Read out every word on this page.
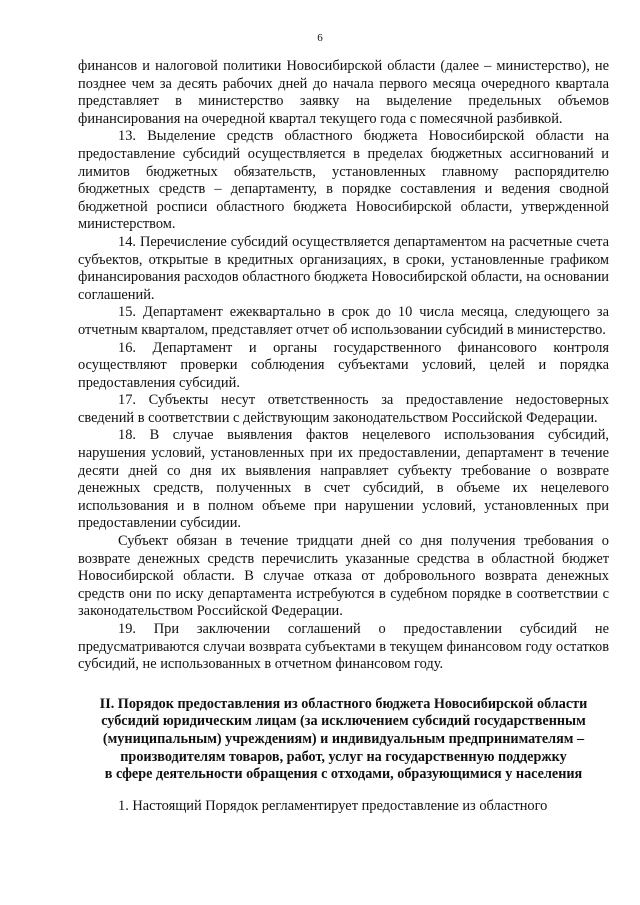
6

финансов и налоговой политики Новосибирской области (далее – министерство), не позднее чем за десять рабочих дней до начала первого месяца очередного квартала представляет в министерство заявку на выделение предельных объемов финансирования на очередной квартал текущего года с помесячной разбивкой.

13. Выделение средств областного бюджета Новосибирской области на предоставление субсидий осуществляется в пределах бюджетных ассигнований и лимитов бюджетных обязательств, установленных главному распорядителю бюджетных средств – департаменту, в порядке составления и ведения сводной бюджетной росписи областного бюджета Новосибирской области, утвержденной министерством.

14. Перечисление субсидий осуществляется департаментом на расчетные счета субъектов, открытые в кредитных организациях, в сроки, установленные графиком финансирования расходов областного бюджета Новосибирской области, на основании соглашений.

15. Департамент ежеквартально в срок до 10 числа месяца, следующего за отчетным кварталом, представляет отчет об использовании субсидий в министерство.

16. Департамент и органы государственного финансового контроля осуществляют проверки соблюдения субъектами условий, целей и порядка предоставления субсидий.

17. Субъекты несут ответственность за предоставление недостоверных сведений в соответствии с действующим законодательством Российской Федерации.

18. В случае выявления фактов нецелевого использования субсидий, нарушения условий, установленных при их предоставлении, департамент в течение десяти дней со дня их выявления направляет субъекту требование о возврате денежных средств, полученных в счет субсидий, в объеме их нецелевого использования и в полном объеме при нарушении условий, установленных при предоставлении субсидии.

Субъект обязан в течение тридцати дней со дня получения требования о возврате денежных средств перечислить указанные средства в областной бюджет Новосибирской области. В случае отказа от добровольного возврата денежных средств они по иску департамента истребуются в судебном порядке в соответствии с законодательством Российской Федерации.

19. При заключении соглашений о предоставлении субсидий не предусматриваются случаи возврата субъектами в текущем финансовом году остатков субсидий, не использованных в отчетном финансовом году.

II. Порядок предоставления из областного бюджета Новосибирской области
субсидий юридическим лицам (за исключением субсидий государственным
(муниципальным) учреждениям) и индивидуальным предпринимателям –
производителям товаров, работ, услуг на государственную поддержку
в сфере деятельности обращения с отходами, образующимися у населения

1. Настоящий Порядок регламентирует предоставление из областного
